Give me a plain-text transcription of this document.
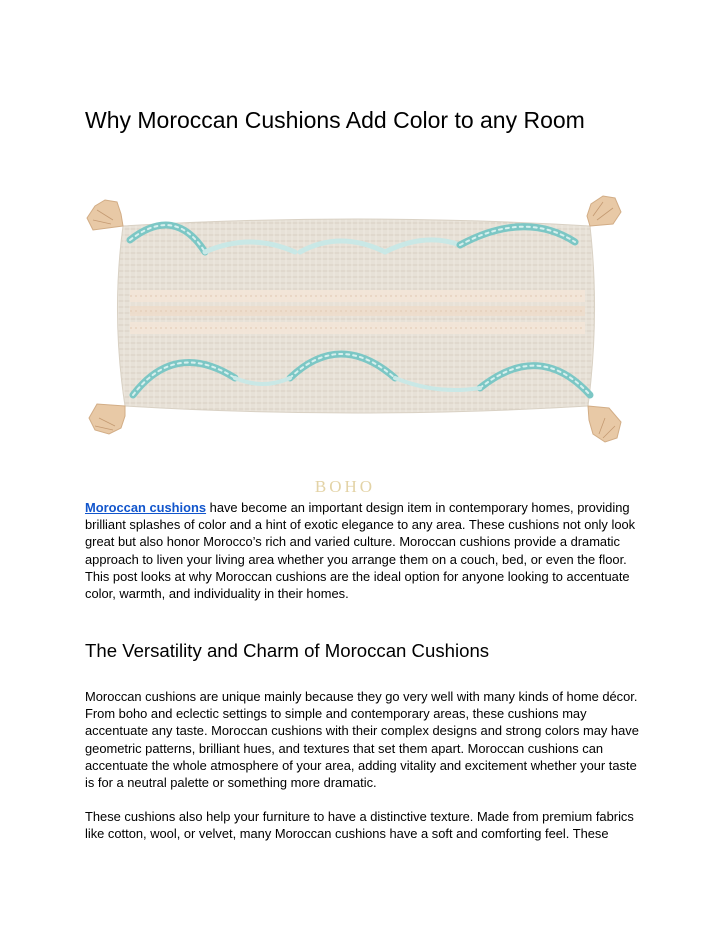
Why Moroccan Cushions Add Color to any Room
BOHO

Moroccan cushions have become an important design item in contemporary homes, providing brilliant splashes of color and a hint of exotic elegance to any area. These cushions not only look great but also honor Morocco’s rich and varied culture. Moroccan cushions provide a dramatic approach to liven your living area whether you arrange them on a couch, bed, or even the floor. This post looks at why Moroccan cushions are the ideal option for anyone looking to accentuate color, warmth, and individuality in their homes.

The Versatility and Charm of Moroccan Cushions

Moroccan cushions are unique mainly because they go very well with many kinds of home décor. From boho and eclectic settings to simple and contemporary areas, these cushions may accentuate any taste. Moroccan cushions with their complex designs and strong colors may have geometric patterns, brilliant hues, and textures that set them apart. Moroccan cushions can accentuate the whole atmosphere of your area, adding vitality and excitement whether your taste is for a neutral palette or something more dramatic.

These cushions also help your furniture to have a distinctive texture. Made from premium fabrics like cotton, wool, or velvet, many Moroccan cushions have a soft and comforting feel. These
